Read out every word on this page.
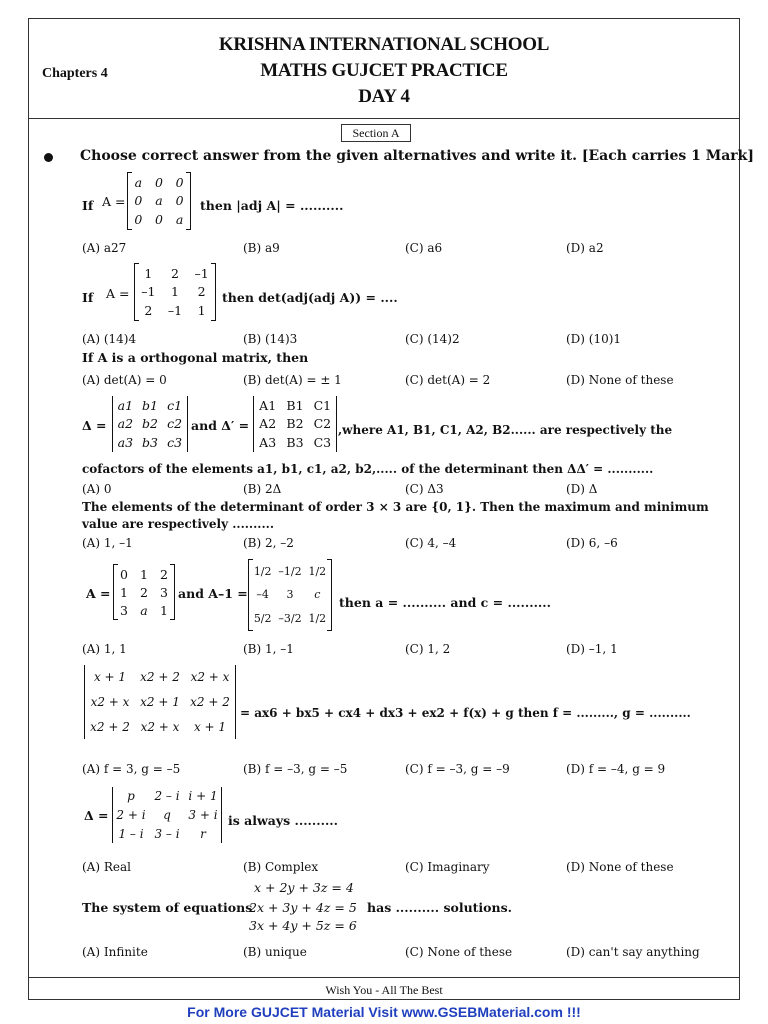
KRISHNA INTERNATIONAL SCHOOL
MATHS GUJCET PRACTICE
DAY 4
Chapters 4
Section A
Choose correct answer from the given alternatives and write it. [Each carries 1 Mark]
If A =
a 0 0
0 a 0
0 0 a
then |adj A| = ..........
(A) a27	(B) a9	(C) a6	(D) a2
If A =
1 2 –1
–1 1 2
2 –1 1
then det(adj(adj A)) = ....
(A) (14)4	(B) (14)3	(C) (14)2	(D) (10)1
If A is a orthogonal matrix, then
(A) det(A) = 0	(B) det(A) = ± 1	(C) det(A) = 2	(D) None of these
Δ =
a1 b1 c1
a2 b2 c2
a3 b3 c3
and Δ′ =
A1 B1 C1
A2 B2 C2
A3 B3 C3
,where A1, B1, C1, A2, B2...... are respectively the
cofactors of the elements a1, b1, c1, a2, b2,..... of the determinant then ΔΔ′ = ...........
(A) 0	(B) 2Δ	(C) Δ3	(D) Δ
The elements of the determinant of order 3 × 3 are {0, 1}. Then the maximum and minimum
value are respectively ..........
(A) 1, –1	(B) 2, –2	(C) 4, –4	(D) 6, –6
A =
0 1 2
1 2 3
3 a 1
and A–1 =
1/2 –1/2 1/2
–4 3 c
5/2 –3/2 1/2
then a = .......... and c = ..........
(A) 1, 1	(B) 1, –1	(C) 1, 2	(D) –1, 1
x + 1 x2 + 2 x2 + x
x2 + x x2 + 1 x2 + 2
x2 + 2 x2 + x x + 1
= ax6 + bx5 + cx4 + dx3 + ex2 + f(x) + g then f = ........., g = ..........
(A) f = 3, g = –5	(B) f = –3, g = –5	(C) f = –3, g = –9	(D) f = –4, g = 9
Δ =
p 2 – i i + 1
2 + i q 3 + i
1 – i 3 – i r
is always ..........
(A) Real	(B) Complex	(C) Imaginary	(D) None of these
x + 2y + 3z = 4
The system of equations
2x + 3y + 4z = 5 has .......... solutions.
3x + 4y + 5z = 6
(A) Infinite	(B) unique	(C) None of these	(D) can't say anything
Wish You - All The Best
For More GUJCET Material Visit www.GSEBMaterial.com !!!
